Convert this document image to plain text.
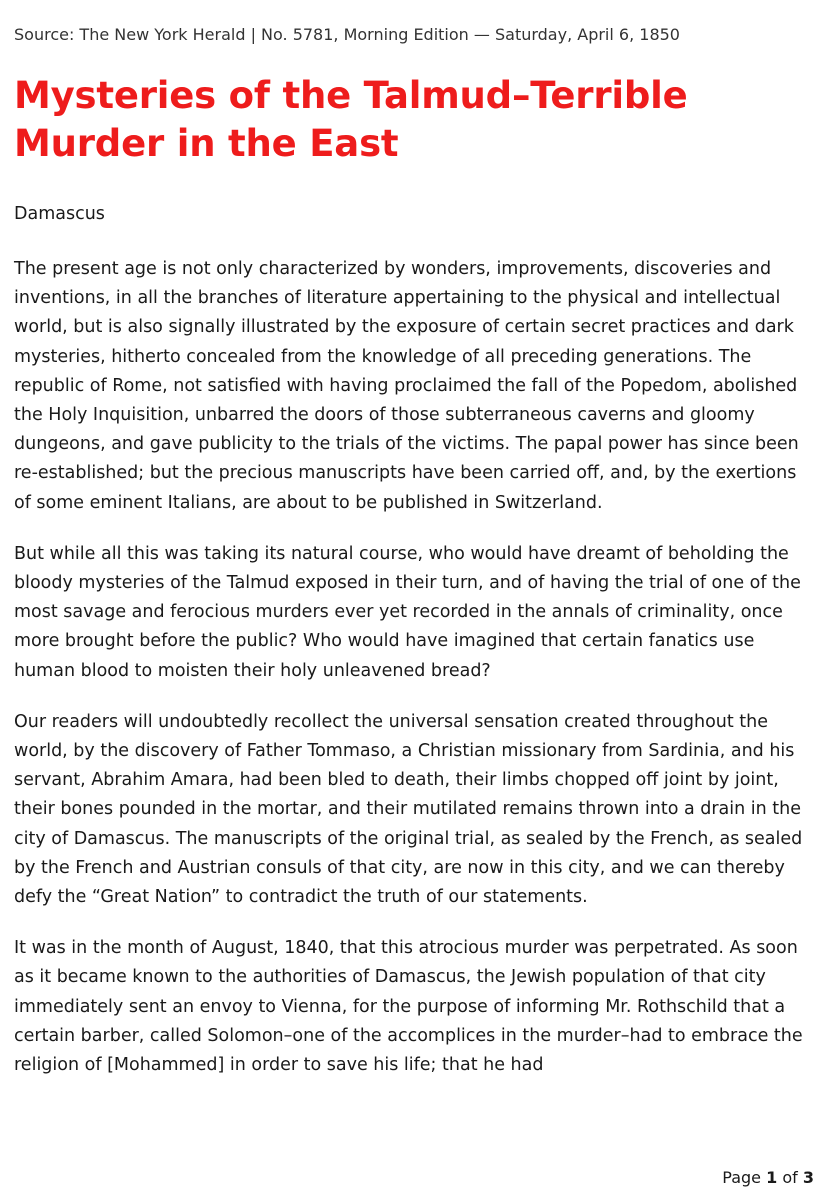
Source: The New York Herald | No. 5781, Morning Edition — Saturday, April 6, 1850
Mysteries of the Talmud–Terrible
Murder in the East
Damascus

The present age is not only characterized by wonders, improvements, discoveries and inventions, in all the branches of literature appertaining to the physical and intellectual world, but is also signally illustrated by the exposure of certain secret practices and dark mysteries, hitherto concealed from the knowledge of all preceding generations. The republic of Rome, not satisfied with having proclaimed the fall of the Popedom, abolished the Holy Inquisition, unbarred the doors of those subterraneous caverns and gloomy dungeons, and gave publicity to the trials of the victims. The papal power has since been re-established; but the precious manuscripts have been carried off, and, by the exertions of some eminent Italians, are about to be published in Switzerland.

But while all this was taking its natural course, who would have dreamt of beholding the bloody mysteries of the Talmud exposed in their turn, and of having the trial of one of the most savage and ferocious murders ever yet recorded in the annals of criminality, once more brought before the public? Who would have imagined that certain fanatics use human blood to moisten their holy unleavened bread?

Our readers will undoubtedly recollect the universal sensation created throughout the world, by the discovery of Father Tommaso, a Christian missionary from Sardinia, and his servant, Abrahim Amara, had been bled to death, their limbs chopped off joint by joint, their bones pounded in the mortar, and their mutilated remains thrown into a drain in the city of Damascus. The manuscripts of the original trial, as sealed by the French, as sealed by the French and Austrian consuls of that city, are now in this city, and we can thereby defy the “Great Nation” to contradict the truth of our statements.

It was in the month of August, 1840, that this atrocious murder was perpetrated. As soon as it became known to the authorities of Damascus, the Jewish population of that city immediately sent an envoy to Vienna, for the purpose of informing Mr. Rothschild that a certain barber, called Solomon–one of the accomplices in the murder–had to embrace the religion of [Mohammed] in order to save his life; that he had

Page 1 of 3
